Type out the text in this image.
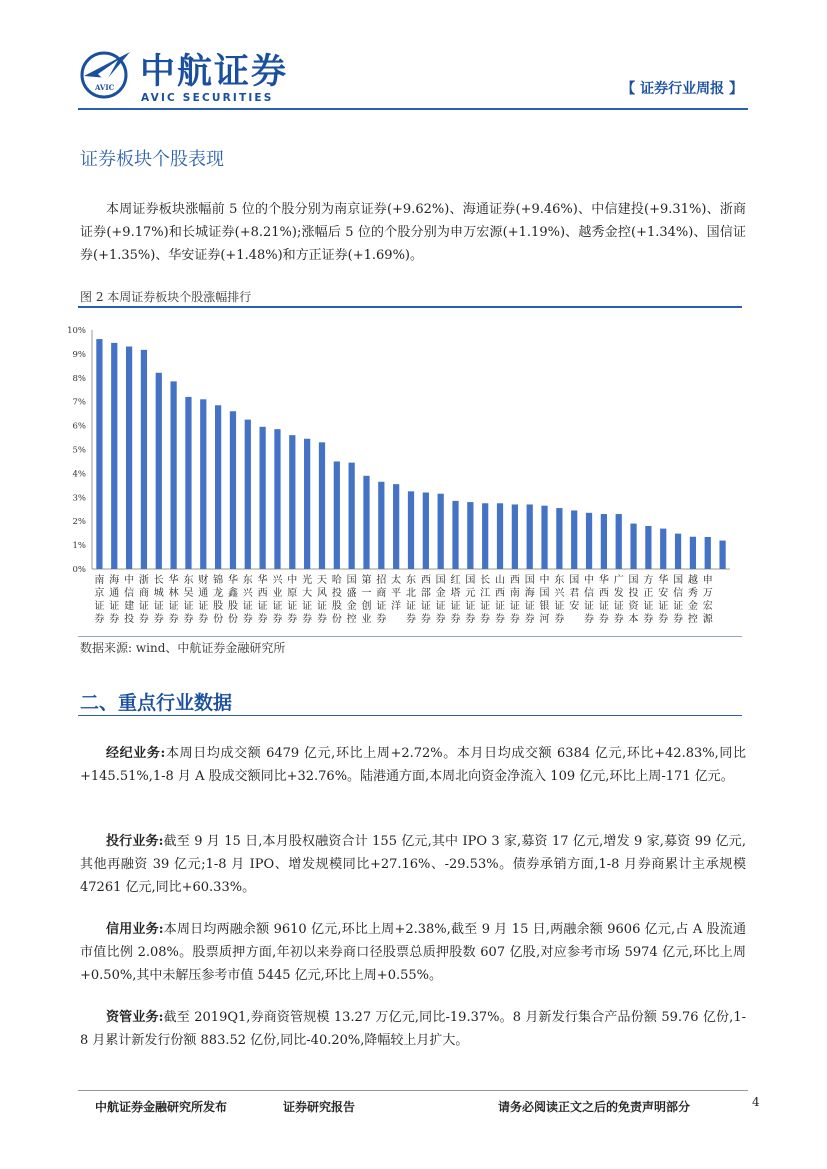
AVIC 中航证券
AVIC SECURITIES
【 证券行业周报 】
证券板块个股表现
本周证券板块涨幅前 5 位的个股分别为南京证券(+9.62%)、海通证券(+9.46%)、中信建投(+9.31%)、浙商证券(+9.17%)和长城证券(+8.21%);涨幅后 5 位的个股分别为申万宏源(+1.19%)、越秀金控(+1.34%)、国信证券(+1.35%)、华安证券(+1.48%)和方正证券(+1.69%)。
图 2 本周证券板块个股涨幅排行
0%
1%
2%
3%
4%
5%
6%
7%
8%
9%
10%
南京证券
海通证券
中信建投
浙商证券
长城证券
华林证券
东吴证券
财通证券
锦龙股份
华鑫股份
东兴证券
华西证券
兴业证券
中原证券
光大证券
天风证券
哈投股份
国盛金控
第一创业
招商证券
太平洋
东北证券
西部证券
国金证券
红塔证券
国元证券
长江证券
山西证券
西南证券
国海证券
中国银河
东兴证券
国君安
中信证券
华西证券
广发证券
国投资本
方正证券
华安证券
国信证券
越秀金控
申万宏源
数据来源: wind、中航证券金融研究所
二、重点行业数据
经纪业务:本周日均成交额 6479 亿元,环比上周+2.72%。本月日均成交额 6384 亿元,环比+42.83%,同比+145.51%,1-8 月 A 股成交额同比+32.76%。陆港通方面,本周北向资金净流入 109 亿元,环比上周-171 亿元。
投行业务:截至 9 月 15 日,本月股权融资合计 155 亿元,其中 IPO 3 家,募资 17 亿元,增发 9 家,募资 99 亿元,其他再融资 39 亿元;1-8 月 IPO、增发规模同比+27.16%、-29.53%。债券承销方面,1-8 月券商累计主承规模 47261 亿元,同比+60.33%。
信用业务:本周日均两融余额 9610 亿元,环比上周+2.38%,截至 9 月 15 日,两融余额 9606 亿元,占 A 股流通市值比例 2.08%。股票质押方面,年初以来券商口径股票总质押股数 607 亿股,对应参考市场 5974 亿元,环比上周+0.50%,其中未解压参考市值 5445 亿元,环比上周+0.55%。
资管业务:截至 2019Q1,券商资管规模 13.27 万亿元,同比-19.37%。8 月新发行集合产品份额 59.76 亿份,1-8 月累计新发行份额 883.52 亿份,同比-40.20%,降幅较上月扩大。
中航证券金融研究所发布	证券研究报告	请务必阅读正文之后的免责声明部分	4
